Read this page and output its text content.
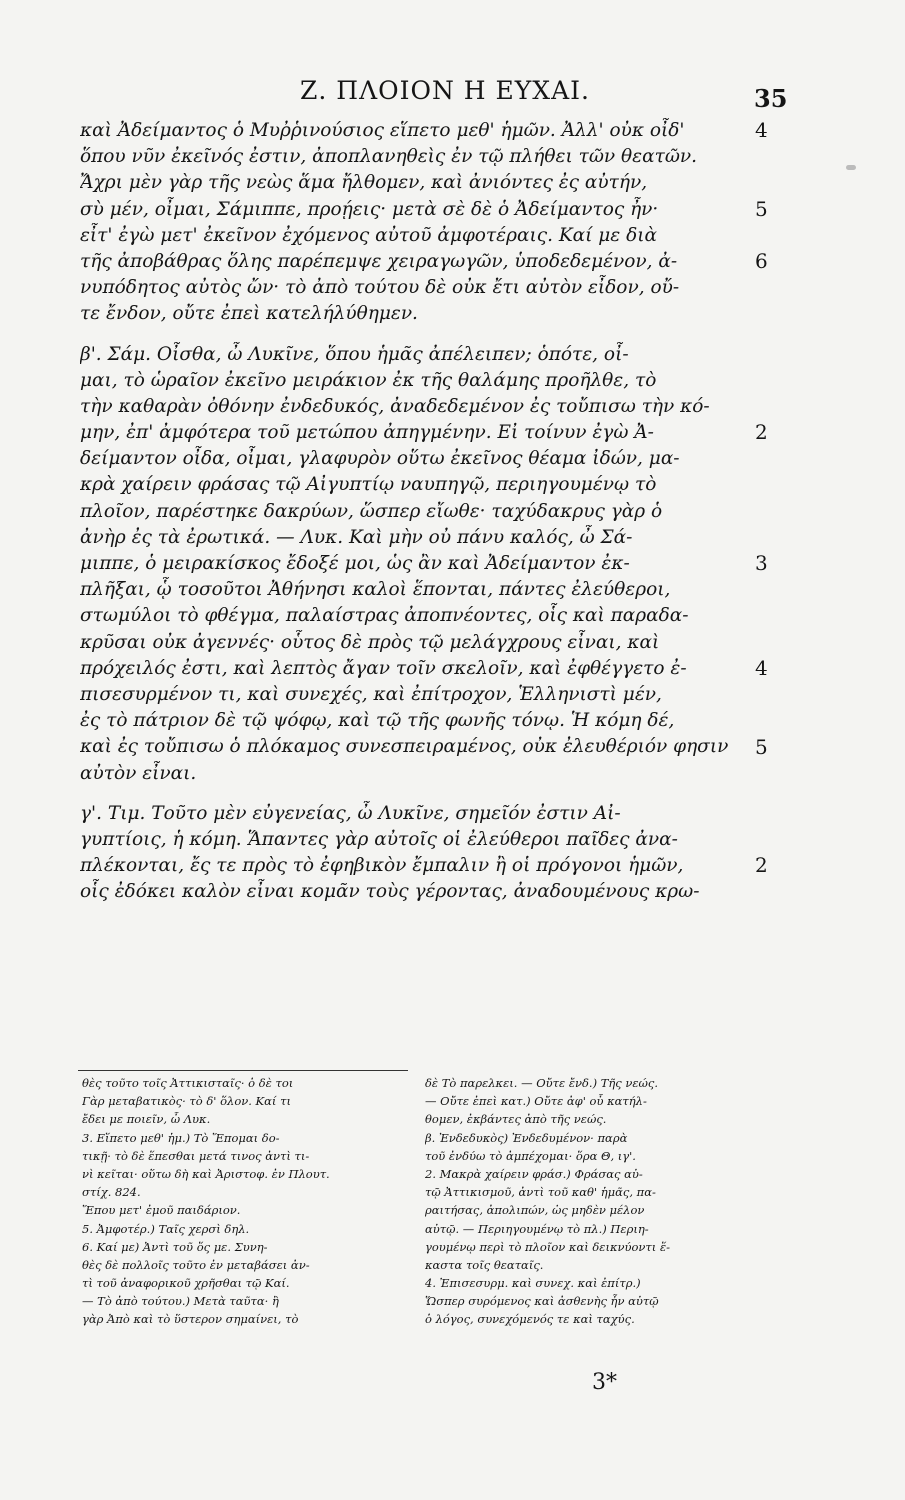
Ζ. ΠΛΟΙΟΝ Η ΕΥΧΑΙ.	35
καὶ Ἀδείμαντος ὁ Μυῤῥινούσιος εἵπετο μεθ' ἡμῶν. Ἀλλ' οὐκ οἶδ'
ὅπου νῦν ἐκεῖνός ἐστιν, ἀποπλανηθεὶς ἐν τῷ πλήθει τῶν θεατῶν.
Ἄχρι μὲν γὰρ τῆς νεὼς ἅμα ἤλθομεν, καὶ ἀνιόντες ἐς αὐτήν,
σὺ μέν, οἶμαι, Σάμιππε, προῄεις· μετὰ σὲ δὲ ὁ Ἀδείμαντος ἦν·
εἶτ' ἐγὼ μετ' ἐκεῖνον ἐχόμενος αὐτοῦ ἀμφοτέραις. Καί με διὰ
τῆς ἀποβάθρας ὅλης παρέπεμψε χειραγωγῶν, ὑποδεδεμένον, ἀ-
νυπόδητος αὐτὸς ὤν· τὸ ἀπὸ τούτου δὲ οὐκ ἔτι αὐτὸν εἶδον, οὔ-
τε ἔνδον, οὔτε ἐπεὶ κατελήλύθημεν.
β'. Σάμ. Οἶσθα, ὦ Λυκῖνε, ὅπου ἡμᾶς ἀπέλειπεν; ὁπότε, οἶ-
μαι, τὸ ὡραῖον ἐκεῖνο μειράκιον ἐκ τῆς θαλάμης προῆλθε, τὸ
τὴν καθαρὰν ὀθόνην ἐνδεδυκός, ἀναδεδεμένον ἐς τοὔπισω τὴν κό-
μην, ἐπ' ἀμφότερα τοῦ μετώπου ἀπηγμένην. Εἰ τοίνυν ἐγὼ Ἀ-
δείμαντον οἶδα, οἶμαι, γλαφυρὸν οὕτω ἐκεῖνος θέαμα ἰδών, μα-
κρὰ χαίρειν φράσας τῷ Αἰγυπτίῳ ναυπηγῷ, περιηγουμένῳ τὸ
πλοῖον, παρέστηκε δακρύων, ὥσπερ εἴωθε· ταχύδακρυς γὰρ ὁ
ἀνὴρ ἐς τὰ ἐρωτικά. — Λυκ. Καὶ μὴν οὐ πάνυ καλός, ὦ Σά-
μιππε, ὁ μειρακίσκος ἔδοξέ μοι, ὡς ἂν καὶ Ἀδείμαντον ἐκ-
πλῆξαι, ᾧ τοσοῦτοι Ἀθήνησι καλοὶ ἕπονται, πάντες ἐλεύθεροι,
στωμύλοι τὸ φθέγμα, παλαίστρας ἀποπνέοντες, οἷς καὶ παραδα-
κρῦσαι οὐκ ἀγεννές· οὗτος δὲ πρὸς τῷ μελάγχρους εἶναι, καὶ
πρόχειλός ἐστι, καὶ λεπτὸς ἄγαν τοῖν σκελοῖν, καὶ ἐφθέγγετο ἐ-
πισεσυρμένον τι, καὶ συνεχές, καὶ ἐπίτροχον, Ἑλληνιστὶ μέν,
ἐς τὸ πάτριον δὲ τῷ ψόφῳ, καὶ τῷ τῆς φωνῆς τόνῳ. Ἡ κόμη δέ,
καὶ ἐς τοὔπισω ὁ πλόκαμος συνεσπειραμένος, οὐκ ἐλευθέριόν φησιν
αὐτὸν εἶναι.
γ'. Τιμ. Τοῦτο μὲν εὐγενείας, ὦ Λυκῖνε, σημεῖόν ἐστιν Αἰ-
γυπτίοις, ἡ κόμη. Ἅπαντες γὰρ αὐτοῖς οἱ ἐλεύθεροι παῖδες ἀνα-
πλέκονται, ἔς τε πρὸς τὸ ἐφηβικὸν ἔμπαλιν ἢ οἱ πρόγονοι ἡμῶν,
οἷς ἐδόκει καλὸν εἶναι κομᾶν τοὺς γέροντας, ἀναδουμένους κρω-
θὲς τοῦτο τοῖς Ἀττικισταῖς· ὁ δὲ τοι
Γὰρ μεταβατικὸς· τὸ δ' ὅλον. Καί τι
ἔδει με ποιεῖν, ὦ Λυκ.
3. Εἵπετο μεθ' ἡμ.) Τὸ Ἕπομαι δο-
τικῇ· τὸ δὲ ἕπεσθαι μετά τινος ἀντὶ τι-
νὶ κεῖται· οὕτω δὴ καὶ Ἀριστοφ. ἐν Πλουτ.
στίχ. 824.
Ἕπου μετ' ἐμοῦ παιδάριον.
5. Ἀμφοτέρ.) Ταῖς χερσὶ δηλ.
6. Καί με) Ἀντὶ τοῦ ὅς με. Συνη-
θὲς δὲ πολλοῖς τοῦτο ἐν μεταβάσει ἀν-
τὶ τοῦ ἀναφορικοῦ χρῆσθαι τῷ Καί.
— Τὸ ἀπὸ τούτου.) Μετὰ ταῦτα· ἢ
γὰρ Ἀπὸ καὶ τὸ ὕστερον σημαίνει, τὸ
δὲ Τὸ παρελκει. — Οὔτε ἔνδ.) Τῆς νεώς.
— Οὔτε ἐπεὶ κατ.) Οὔτε ἀφ' οὗ κατήλ-
θομεν, ἐκβάντες ἀπὸ τῆς νεώς.
β. Ἐνδεδυκὸς) Ἐνδεδυμένον· παρὰ
τοῦ ἐνδύω τὸ ἀμπέχομαι· ὅρα Θ, ιγ'.
2. Μακρὰ χαίρειν φράσ.) Φράσας αὐ-
τῷ Ἀττικισμοῦ, ἀντὶ τοῦ καθ' ἡμᾶς, πα-
ραιτήσας, ἀπολιπών, ὡς μηδὲν μέλον
αὐτῷ. — Περιηγουμένῳ τὸ πλ.) Περιη-
γουμένῳ περὶ τὸ πλοῖον καὶ δεικνύοντι ἕ-
καστα τοῖς θεαταῖς.
4. Ἐπισεσυρμ. καὶ συνεχ. καὶ ἐπίτρ.)
Ὥσπερ συρόμενος καὶ ἀσθενὴς ἦν αὐτῷ
ὁ λόγος, συνεχόμενός τε καὶ ταχύς.
3*
4
5
6
2
3
4
5
2
